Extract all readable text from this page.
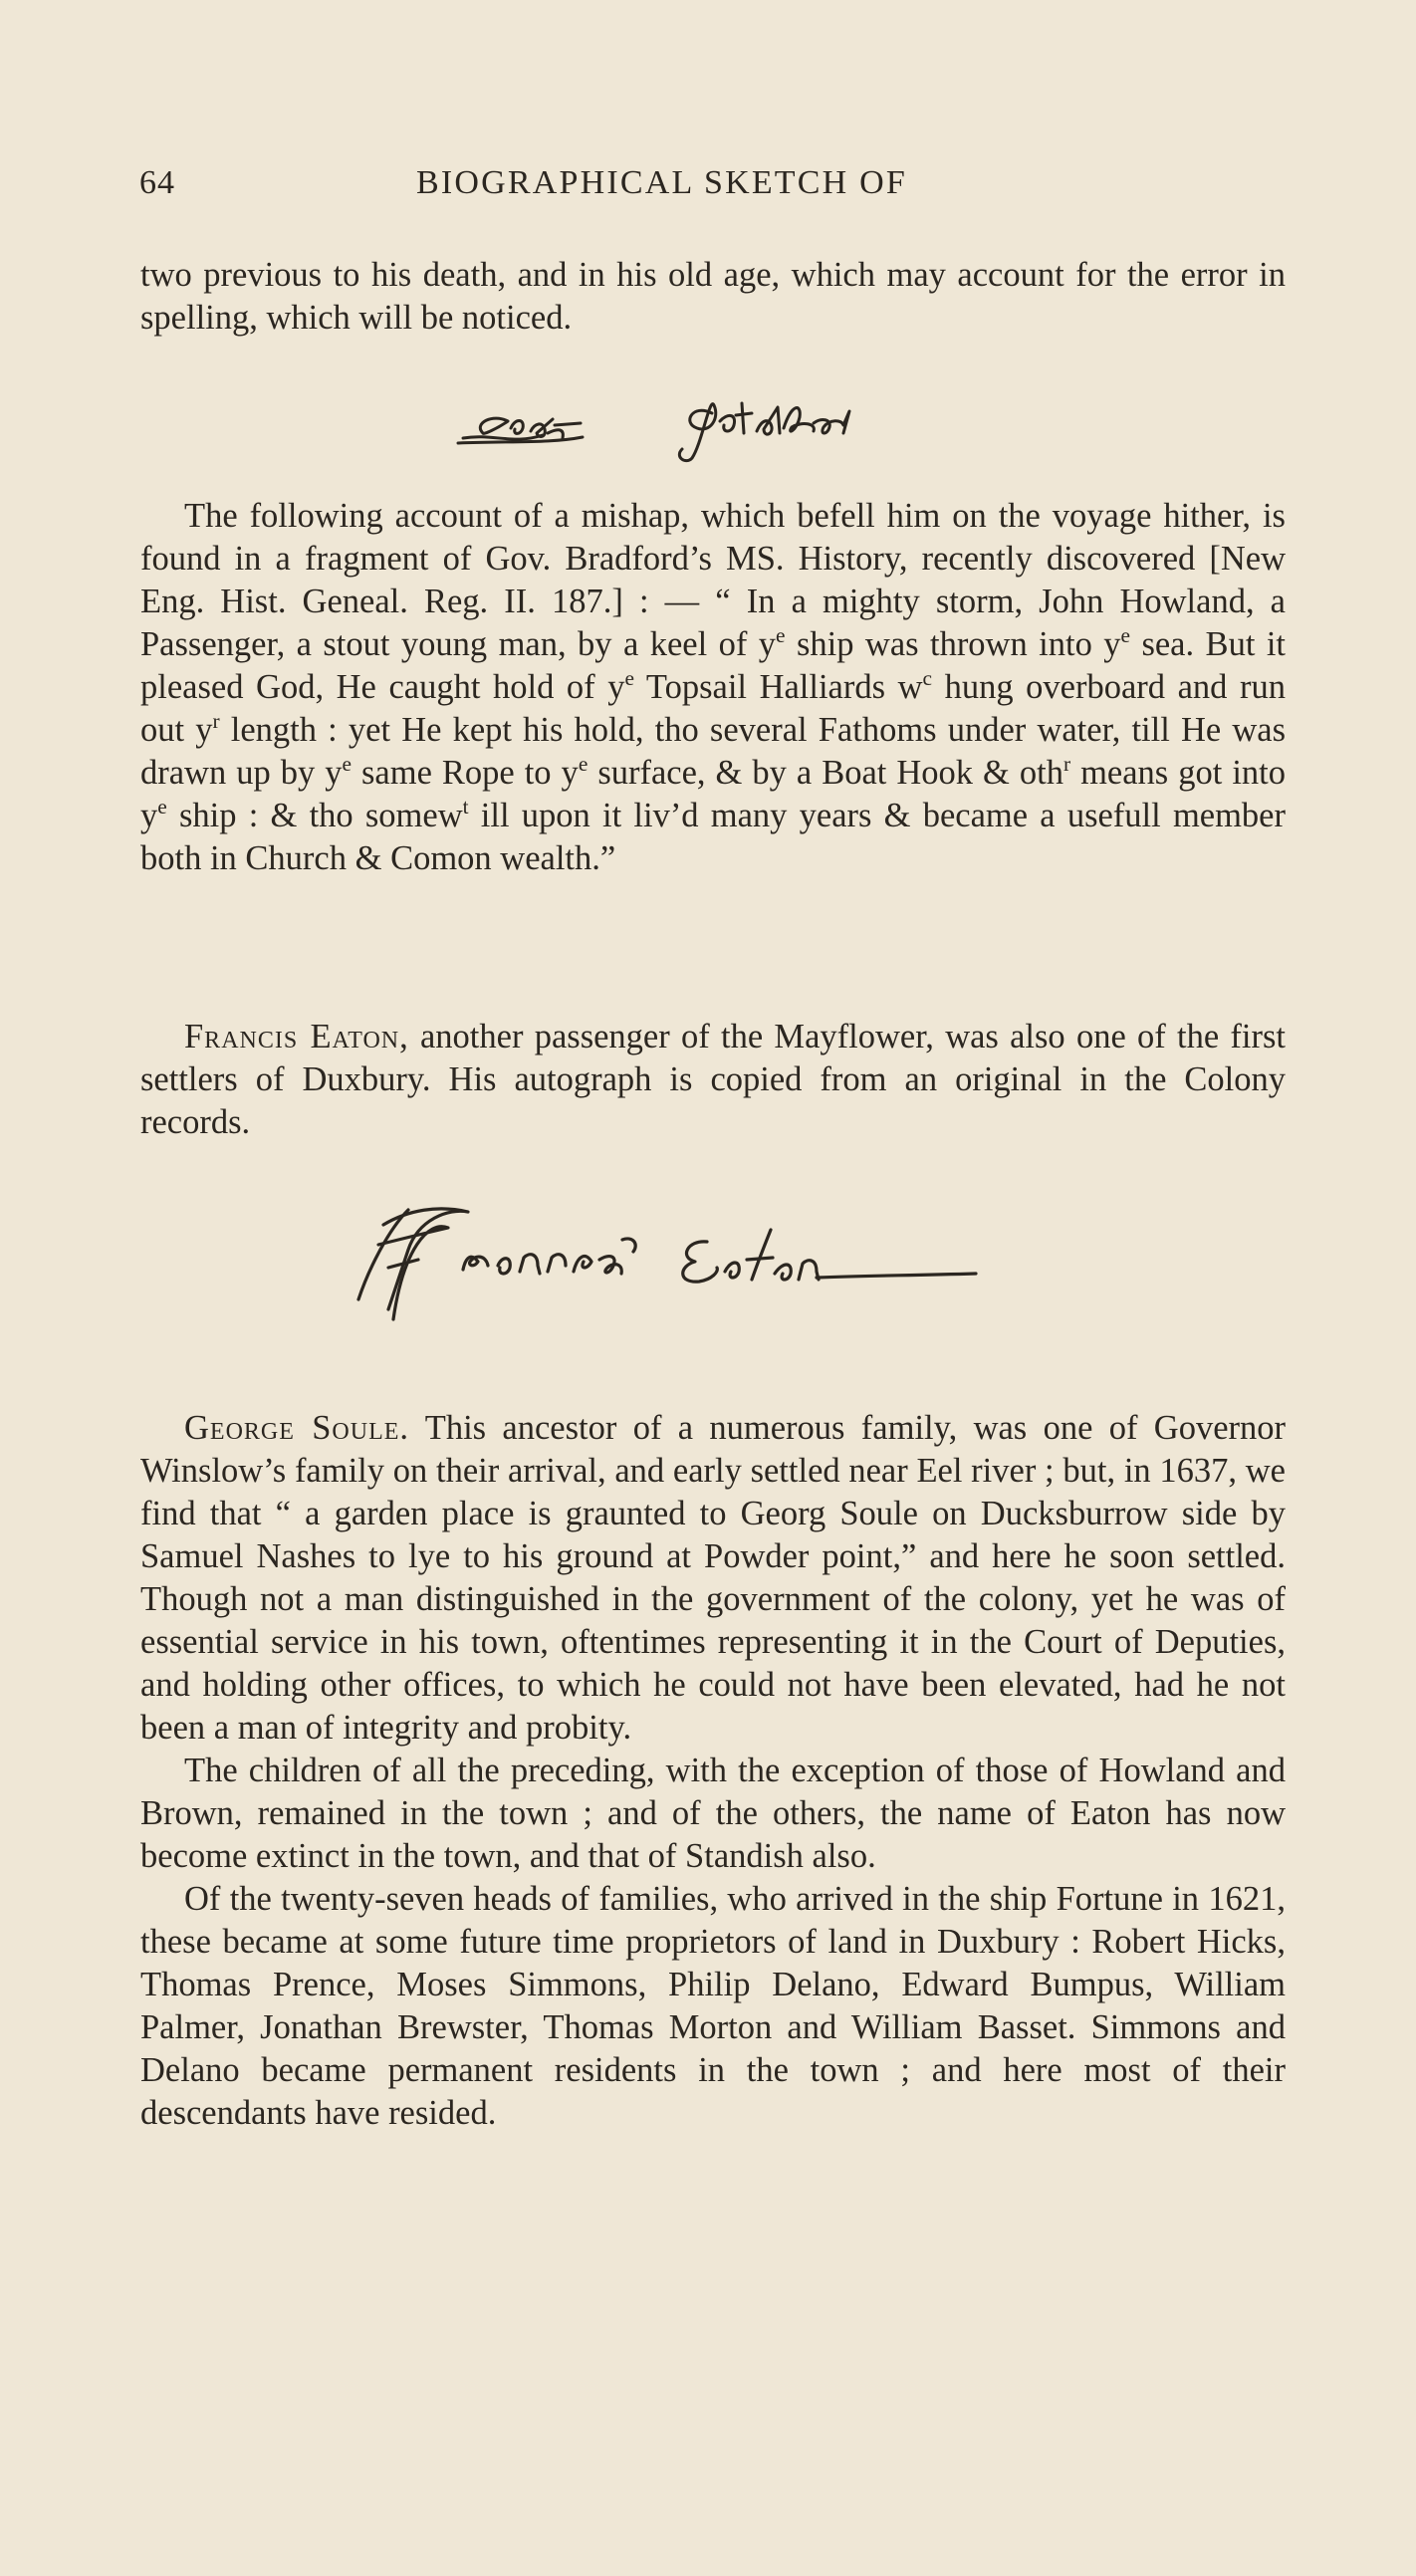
64	BIOGRAPHICAL SKETCH OF

two previous to his death, and in his old age, which may account for the error in spelling, which will be noticed.

Edward Fuller

The following account of a mishap, which befell him on the voyage hither, is found in a fragment of Gov. Bradford’s MS. History, recently discovered [New Eng. Hist. Geneal. Reg. II. 187.] : — “ In a mighty storm, John Howland, a Passenger, a stout young man, by a keel of $y^e$ ship was thrown into $y^e$ sea. But it pleased God, He caught hold of $y^e$ Topsail Halliards $w^c$ hung overboard and run out $y^r$ length : yet He kept his hold, tho several Fathoms under water, till He was drawn up by $y^e$ same Rope to $y^e$ surface, & by a Boat Hook & oth$^r$ means got into $y^e$ ship : & tho somew$^t$ ill upon it liv’d many years & became a usefull member both in Church & Comon wealth.”

Francis Eaton, another passenger of the Mayflower, was also one of the first settlers of Duxbury. His autograph is copied from an original in the Colony records.

Francis Eaton

George Soule. This ancestor of a numerous family, was one of Governor Winslow’s family on their arrival, and early settled near Eel river ; but, in 1637, we find that “ a garden place is graunted to Georg Soule on Ducksburrow side by Samuel Nashes to lye to his ground at Powder point,” and here he soon settled. Though not a man distinguished in the government of the colony, yet he was of essential service in his town, oftentimes representing it in the Court of Deputies, and holding other offices, to which he could not have been elevated, had he not been a man of integrity and probity.

The children of all the preceding, with the exception of those of Howland and Brown, remained in the town ; and of the others, the name of Eaton has now become extinct in the town, and that of Standish also.

Of the twenty-seven heads of families, who arrived in the ship Fortune in 1621, these became at some future time proprietors of land in Duxbury : Robert Hicks, Thomas Prence, Moses Simmons, Philip Delano, Edward Bumpus, William Palmer, Jonathan Brewster, Thomas Morton and William Basset. Simmons and Delano became permanent residents in the town ; and here most of their descendants have resided.
